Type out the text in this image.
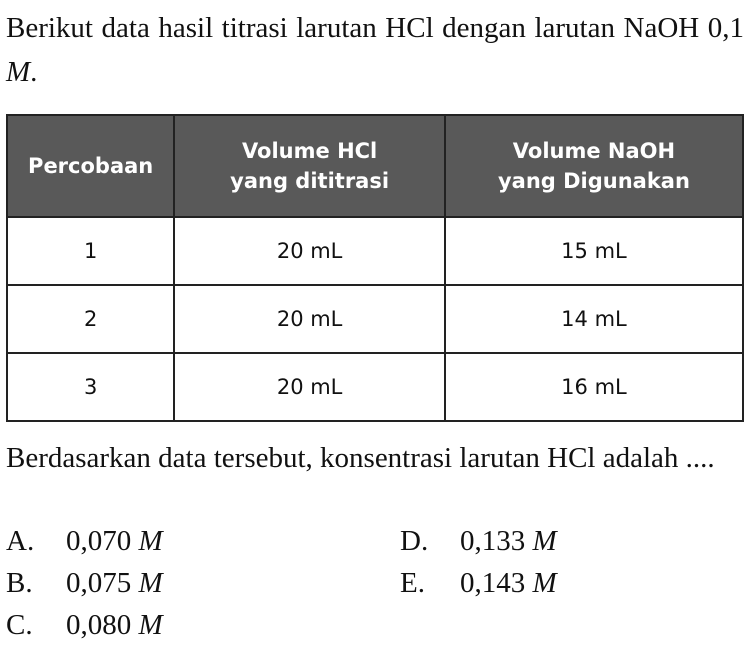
Berikut data hasil titrasi larutan HCl dengan larutan NaOH 0,1 M.
Percobaan	Volume HCl yang dititrasi	Volume NaOH yang Digunakan

1	20 mL	15 mL
2	20 mL	14 mL
3	20 mL	16 mL
Berdasarkan data tersebut, konsentrasi larutan HCl adalah ....
A. 0,070 M
B. 0,075 M
C. 0,080 M
D. 0,133 M
E. 0,143 M
